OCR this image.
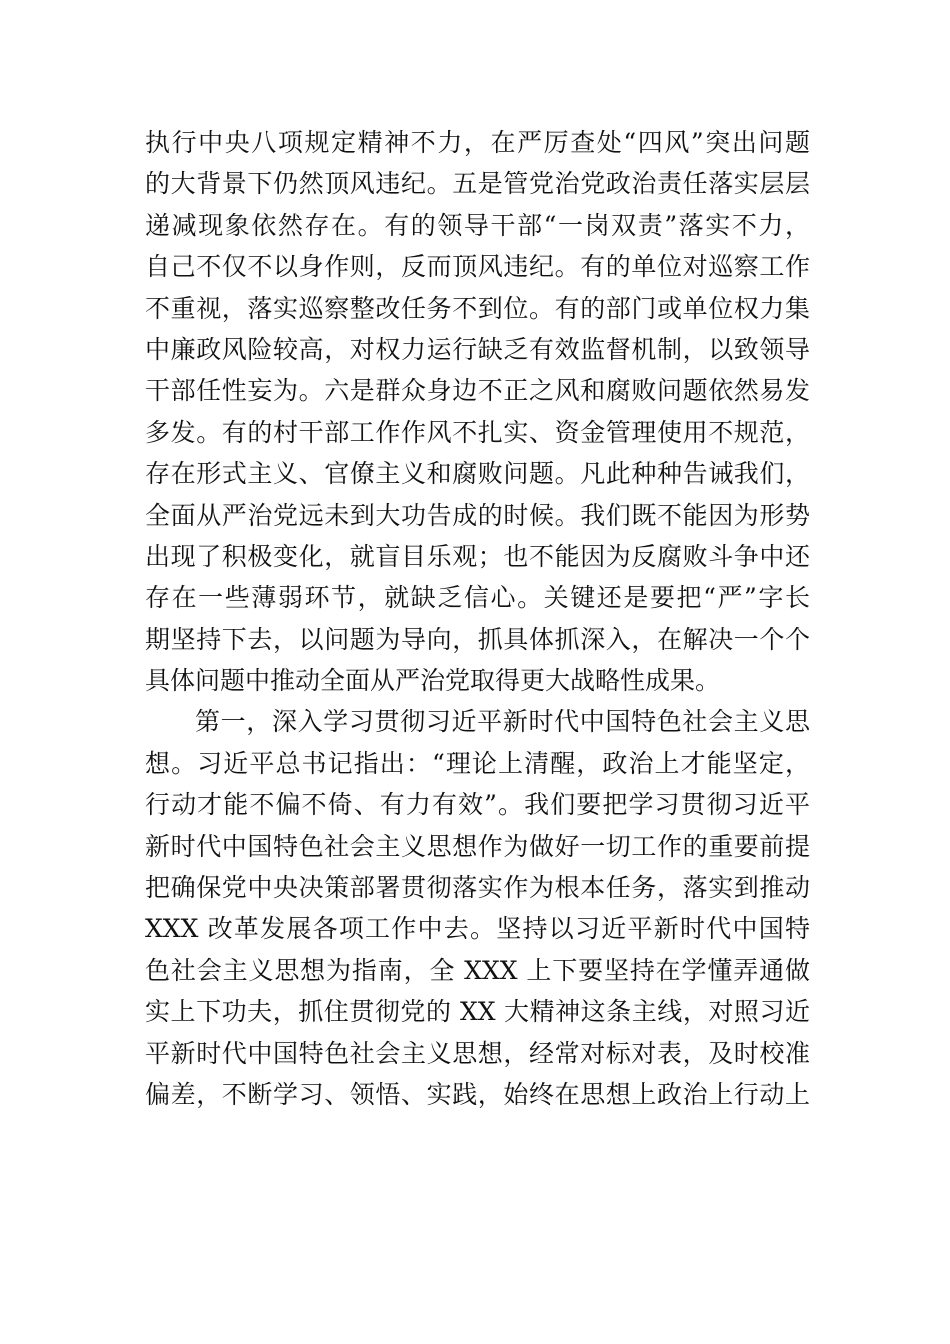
执行中央八项规定精神不力，在严厉查处“四风”突出问题
的大背景下仍然顶风违纪。五是管党治党政治责任落实层层
递减现象依然存在。有的领导干部“一岗双责”落实不力，
自己不仅不以身作则，反而顶风违纪。有的单位对巡察工作
不重视，落实巡察整改任务不到位。有的部门或单位权力集
中廉政风险较高，对权力运行缺乏有效监督机制，以致领导
干部任性妄为。六是群众身边不正之风和腐败问题依然易发
多发。有的村干部工作作风不扎实、资金管理使用不规范，
存在形式主义、官僚主义和腐败问题。凡此种种告诫我们，
全面从严治党远未到大功告成的时候。我们既不能因为形势
出现了积极变化，就盲目乐观；也不能因为反腐败斗争中还
存在一些薄弱环节，就缺乏信心。关键还是要把“严”字长
期坚持下去，以问题为导向，抓具体抓深入，在解决一个个
具体问题中推动全面从严治党取得更大战略性成果。
第一，深入学习贯彻习近平新时代中国特色社会主义思
想。习近平总书记指出：“理论上清醒，政治上才能坚定，
行动才能不偏不倚、有力有效”。我们要把学习贯彻习近平
新时代中国特色社会主义思想作为做好一切工作的重要前提
把确保党中央决策部署贯彻落实作为根本任务，落实到推动
XXX 改革发展各项工作中去。坚持以习近平新时代中国特
色社会主义思想为指南，全 XXX 上下要坚持在学懂弄通做
实上下功夫，抓住贯彻党的 XX 大精神这条主线，对照习近
平新时代中国特色社会主义思想，经常对标对表，及时校准
偏差，不断学习、领悟、实践，始终在思想上政治上行动上
